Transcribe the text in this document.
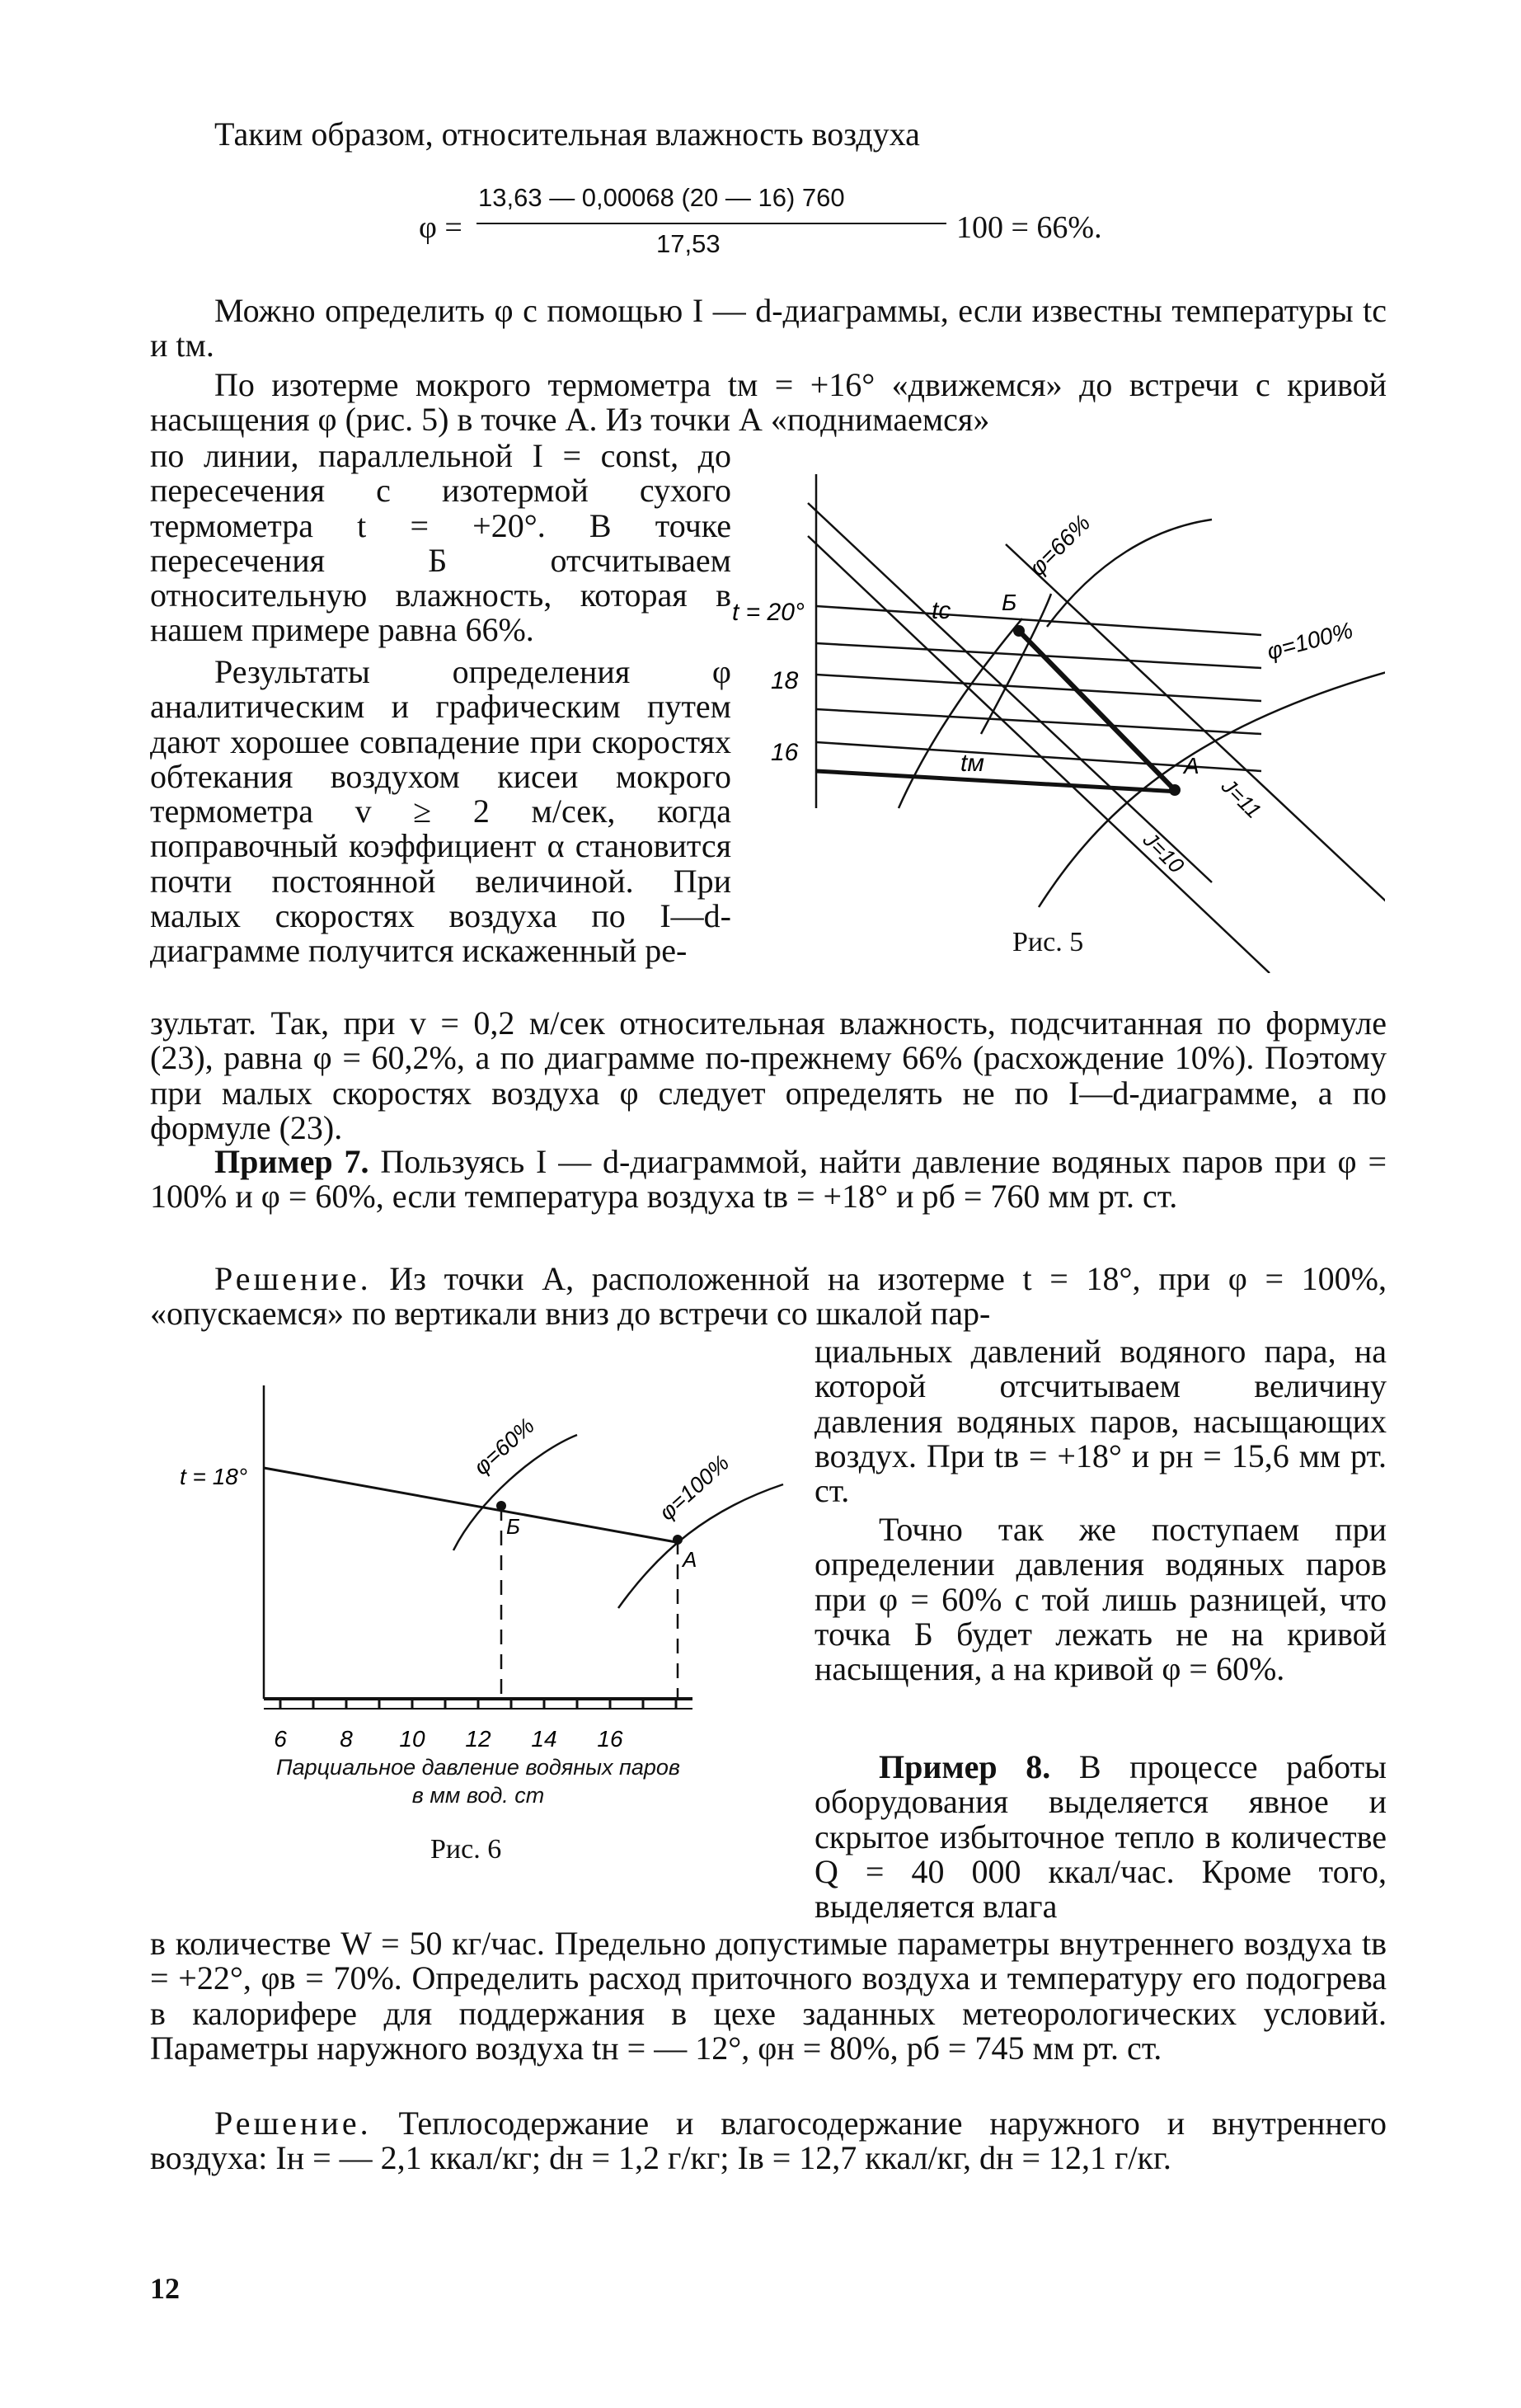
Таким образом, относительная влажность воздуха

φ =
13,63 — 0,00068 (20 — 16) 760
17,53	100 = 66%.

Можно определить φ с помощью I — d-диаграммы, если известны температуры tс и tм.

По изотерме мокрого термометра tм = +16° «движемся» до встречи с кривой насыщения φ (рис. 5) в точке А. Из точки А «поднимаемся»

по линии, параллельной I = const, до пересечения с изотермой сухого термометра t = +20°. В точке пересечения Б отсчитываем относительную влажность, которая в нашем примере равна 66%.

Результаты определения φ аналитическим и графическим путем дают хорошее совпадение при скоростях обтекания воздухом кисеи мокрого термометра v ≥ 2 м/сек, когда поправочный коэффициент α становится почти постоянной величиной. При малых скоростях воздуха по I—d-диаграмме получится искаженный ре-

t = 20°
18
16
tс
tм
Б
А
φ=66%
φ=100%
J=11
J=10
Рис. 5

зультат. Так, при v = 0,2 м/сек относительная влажность, подсчитанная по формуле (23), равна φ = 60,2%, а по диаграмме по-прежнему 66% (расхождение 10%). Поэтому при малых скоростях воздуха φ следует определять не по I—d-диаграмме, а по формуле (23).

Пример 7. Пользуясь I — d-диаграммой, найти давление водяных паров при φ = 100% и φ = 60%, если температура воздуха tв = +18° и pб = 760 мм рт. ст.

Решение. Из точки А, расположенной на изотерме t = 18°, при φ = 100%, «опускаемся» по вертикали вниз до встречи со шкалой пар-

циальных давлений водяного пара, на которой отсчитываем величину давления водяных паров, насыщающих воздух. При tв = +18° и pн = 15,6 мм рт. ст.

Точно так же поступаем при определении давления водяных паров при φ = 60% с той лишь разницей, что точка Б будет лежать не на кривой насыщения, а на кривой φ = 60%.

t = 18°	φ=60%
φ=100%
Б
А
6 8 10 12 14 16
Парциальное давление водяных паров
в мм вод. ст
Рис. 6

Пример 8. В процессе работы оборудования выделяется явное и скрытое избыточное тепло в количестве Q = 40 000 ккал/час. Кроме того, выделяется влага

в количестве W = 50 кг/час. Предельно допустимые параметры внутреннего воздуха tв = +22°, φв = 70%. Определить расход приточного воздуха и температуру его подогрева в калорифере для поддержания в цехе заданных метеорологических условий. Параметры наружного воздуха tн = — 12°, φн = 80%, pб = 745 мм рт. ст.

Решение. Теплосодержание и влагосодержание наружного и внутреннего воздуха: Iн = — 2,1 ккал/кг; dн = 1,2 г/кг; Iв = 12,7 ккал/кг, dн = 12,1 г/кг.

12
